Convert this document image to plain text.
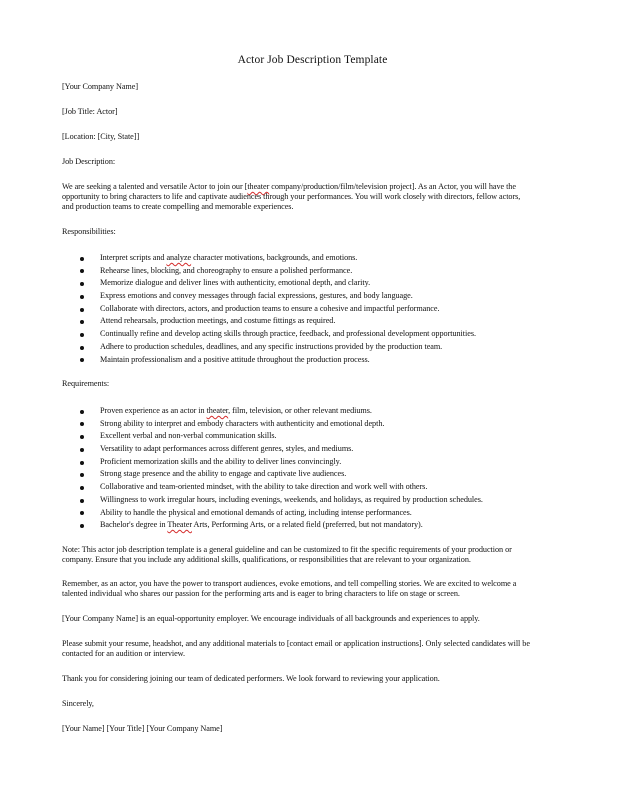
Actor Job Description Template
[Your Company Name]
[Job Title: Actor]
[Location: [City, State]]
Job Description:
We are seeking a talented and versatile Actor to join our [theater company/production/film/television project]. As an Actor, you will have the
opportunity to bring characters to life and captivate audiences through your performances. You will work closely with directors, fellow actors,
and production teams to create compelling and memorable experiences.
Responsibilities:
Interpret scripts and analyze character motivations, backgrounds, and emotions.
Rehearse lines, blocking, and choreography to ensure a polished performance.
Memorize dialogue and deliver lines with authenticity, emotional depth, and clarity.
Express emotions and convey messages through facial expressions, gestures, and body language.
Collaborate with directors, actors, and production teams to ensure a cohesive and impactful performance.
Attend rehearsals, production meetings, and costume fittings as required.
Continually refine and develop acting skills through practice, feedback, and professional development opportunities.
Adhere to production schedules, deadlines, and any specific instructions provided by the production team.
Maintain professionalism and a positive attitude throughout the production process.
Requirements:
Proven experience as an actor in theater, film, television, or other relevant mediums.
Strong ability to interpret and embody characters with authenticity and emotional depth.
Excellent verbal and non-verbal communication skills.
Versatility to adapt performances across different genres, styles, and mediums.
Proficient memorization skills and the ability to deliver lines convincingly.
Strong stage presence and the ability to engage and captivate live audiences.
Collaborative and team-oriented mindset, with the ability to take direction and work well with others.
Willingness to work irregular hours, including evenings, weekends, and holidays, as required by production schedules.
Ability to handle the physical and emotional demands of acting, including intense performances.
Bachelor's degree in Theater Arts, Performing Arts, or a related field (preferred, but not mandatory).
Note: This actor job description template is a general guideline and can be customized to fit the specific requirements of your production or
company. Ensure that you include any additional skills, qualifications, or responsibilities that are relevant to your organization.
Remember, as an actor, you have the power to transport audiences, evoke emotions, and tell compelling stories. We are excited to welcome a
talented individual who shares our passion for the performing arts and is eager to bring characters to life on stage or screen.
[Your Company Name] is an equal-opportunity employer. We encourage individuals of all backgrounds and experiences to apply.
Please submit your resume, headshot, and any additional materials to [contact email or application instructions]. Only selected candidates will be
contacted for an audition or interview.
Thank you for considering joining our team of dedicated performers. We look forward to reviewing your application.
Sincerely,
[Your Name] [Your Title] [Your Company Name]
